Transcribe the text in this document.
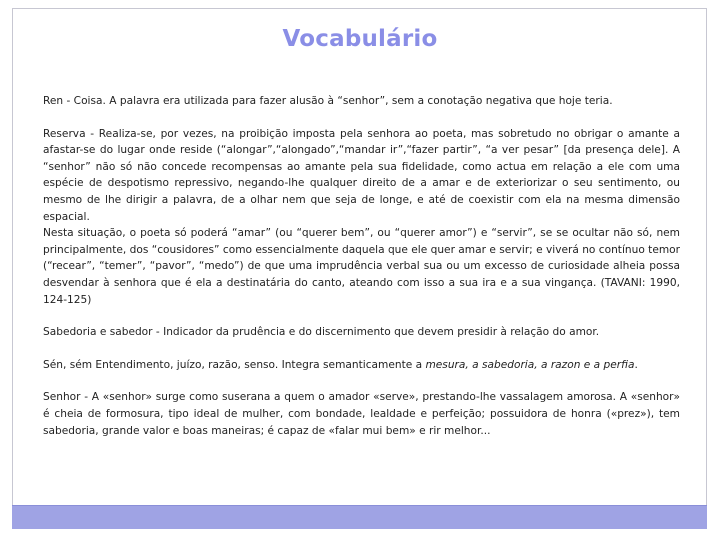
Vocabulário

Ren - Coisa. A palavra era utilizada para fazer alusão à “senhor”, sem a conotação negativa que hoje teria.

Reserva - Realiza-se, por vezes, na proibição imposta pela senhora ao poeta, mas sobretudo no obrigar o amante a afastar-se do lugar onde reside (“alongar”,“alongado”,“mandar ir”,“fazer partir”, “a ver pesar” [da presença dele]. A “senhor” não só não concede recompensas ao amante pela sua fidelidade, como actua em relação a ele com uma espécie de despotismo repressivo, negando-lhe qualquer direito de a amar e de exteriorizar o seu sentimento, ou mesmo de lhe dirigir a palavra, de a olhar nem que seja de longe, e até de coexistir com ela na mesma dimensão espacial.

Nesta situação, o poeta só poderá “amar” (ou “querer bem”, ou “querer amor”) e “servir”, se se ocultar não só, nem principalmente, dos “cousidores” como essencialmente daquela que ele quer amar e servir; e viverá no contínuo temor (“recear”, “temer”, “pavor”, “medo”) de que uma imprudência verbal sua ou um excesso de curiosidade alheia possa desvendar à senhora que é ela a destinatária do canto, ateando com isso a sua ira e a sua vingança. (TAVANI: 1990, 124-125)

Sabedoria e sabedor - Indicador da prudência e do discernimento que devem presidir à relação do amor.

Sén, sém Entendimento, juízo, razão, senso. Integra semanticamente a mesura, a sabedoria, a razon e a perfia.

Senhor - A «senhor» surge como suserana a quem o amador «serve», prestando-lhe vassalagem amorosa. A «senhor» é cheia de formosura, tipo ideal de mulher, com bondade, lealdade e perfeição; possuidora de honra («prez»), tem sabedoria, grande valor e boas maneiras; é capaz de «falar mui bem» e rir melhor...
